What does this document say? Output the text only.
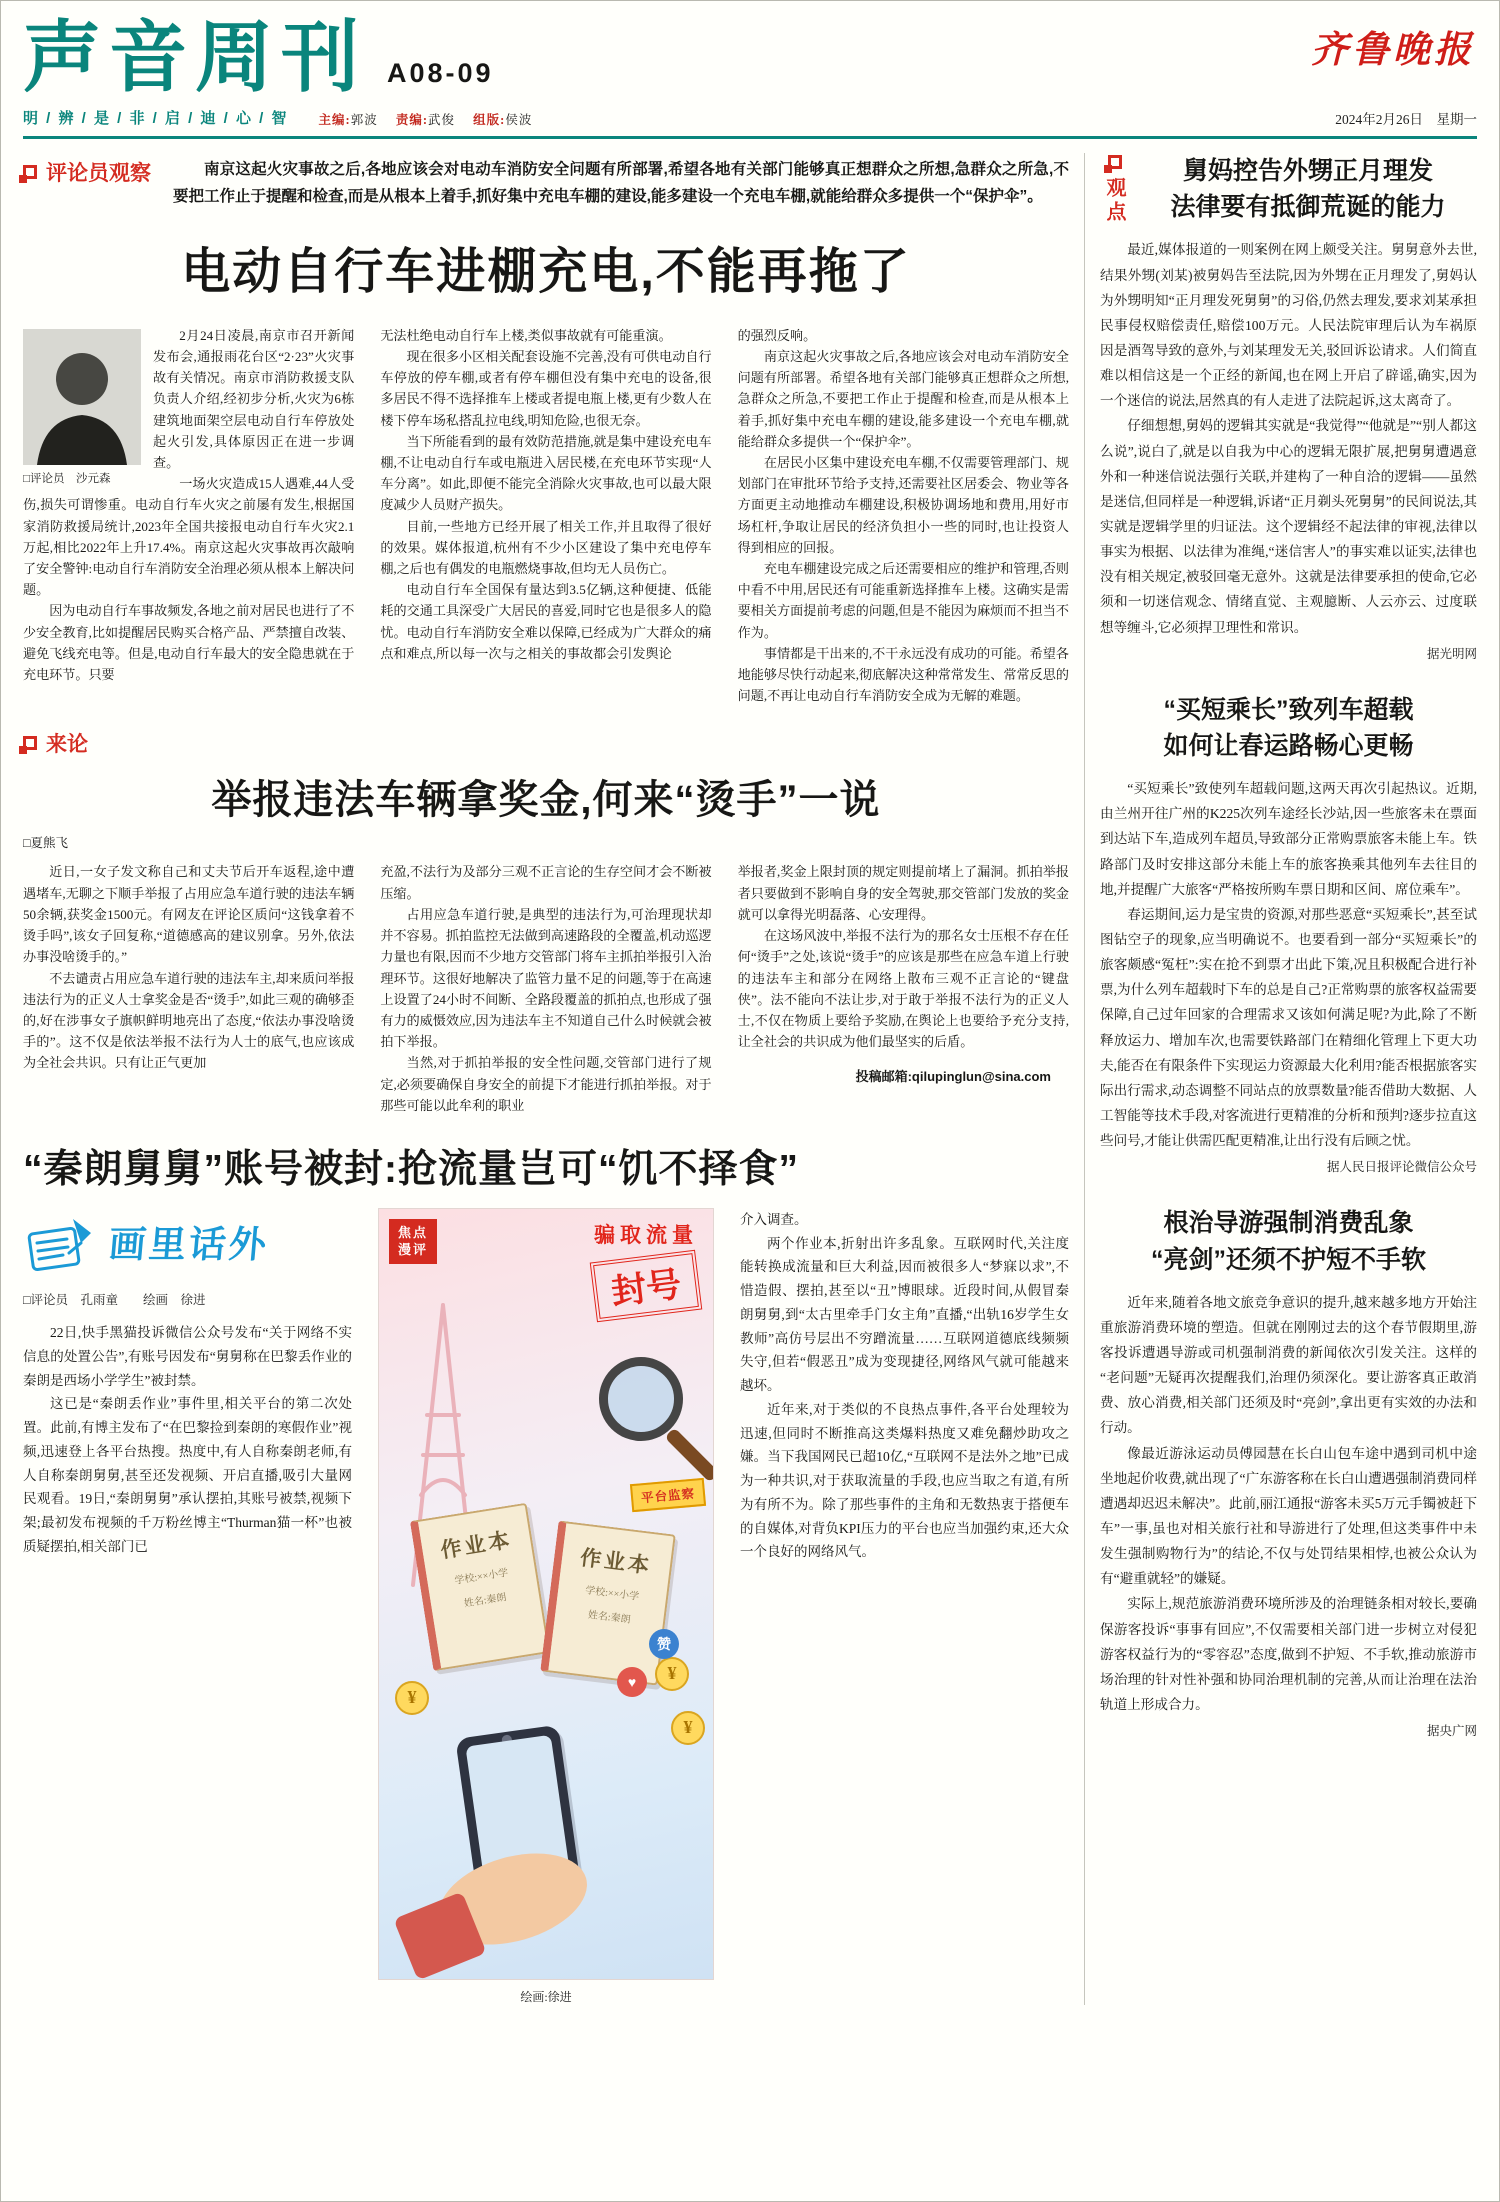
声音周刊 A08-09
齐鲁晚报
明 / 辨 / 是 / 非 / 启 / 迪 / 心 / 智 主编:郭波 责编:武俊 组版:侯波	2024年2月26日　星期一
评论员观察	南京这起火灾事故之后,各地应该会对电动车消防安全问题有所部署,希望各地有关部门能够真正想群众之所想,急群众之所急,不要把工作止于提醒和检查,而是从根本上着手,抓好集中充电车棚的建设,能多建设一个充电车棚,就能给群众多提供一个“保护伞”。

电动自行车进棚充电,不能再拖了
□评论员　沙元森

2月24日凌晨,南京市召开新闻发布会,通报雨花台区“2·23”火灾事故有关情况。南京市消防救援支队负责人介绍,经初步分析,火灾为6栋建筑地面架空层电动自行车停放处起火引发,具体原因正在进一步调查。

一场火灾造成15人遇难,44人受伤,损失可谓惨重。电动自行车火灾之前屡有发生,根据国家消防救援局统计,2023年全国共接报电动自行车火灾2.1万起,相比2022年上升17.4%。南京这起火灾事故再次敲响了安全警钟:电动自行车消防安全治理必须从根本上解决问题。

因为电动自行车事故频发,各地之前对居民也进行了不少安全教育,比如提醒居民购买合格产品、严禁擅自改装、避免飞线充电等。但是,电动自行车最大的安全隐患就在于充电环节。只要

无法杜绝电动自行车上楼,类似事故就有可能重演。

现在很多小区相关配套设施不完善,没有可供电动自行车停放的停车棚,或者有停车棚但没有集中充电的设备,很多居民不得不选择推车上楼或者提电瓶上楼,更有少数人在楼下停车场私搭乱拉电线,明知危险,也很无奈。

当下所能看到的最有效防范措施,就是集中建设充电车棚,不让电动自行车或电瓶进入居民楼,在充电环节实现“人车分离”。如此,即便不能完全消除火灾事故,也可以最大限度减少人员财产损失。

目前,一些地方已经开展了相关工作,并且取得了很好的效果。媒体报道,杭州有不少小区建设了集中充电停车棚,之后也有偶发的电瓶燃烧事故,但均无人员伤亡。

电动自行车全国保有量达到3.5亿辆,这种便捷、低能耗的交通工具深受广大居民的喜爱,同时它也是很多人的隐忧。电动自行车消防安全难以保障,已经成为广大群众的痛点和难点,所以每一次与之相关的事故都会引发舆论

的强烈反响。

南京这起火灾事故之后,各地应该会对电动车消防安全问题有所部署。希望各地有关部门能够真正想群众之所想,急群众之所急,不要把工作止于提醒和检查,而是从根本上着手,抓好集中充电车棚的建设,能多建设一个充电车棚,就能给群众多提供一个“保护伞”。

在居民小区集中建设充电车棚,不仅需要管理部门、规划部门在审批环节给予支持,还需要社区居委会、物业等各方面更主动地推动车棚建设,积极协调场地和费用,用好市场杠杆,争取让居民的经济负担小一些的同时,也让投资人得到相应的回报。

充电车棚建设完成之后还需要相应的维护和管理,否则中看不中用,居民还有可能重新选择推车上楼。这确实是需要相关方面提前考虑的问题,但是不能因为麻烦而不担当不作为。

事情都是干出来的,不干永远没有成功的可能。希望各地能够尽快行动起来,彻底解决这种常常发生、常常反思的问题,不再让电动自行车消防安全成为无解的难题。

来论
举报违法车辆拿奖金,何来“烫手”一说
□夏熊飞

近日,一女子发文称自己和丈夫节后开车返程,途中遭遇堵车,无聊之下顺手举报了占用应急车道行驶的违法车辆50余辆,获奖金1500元。有网友在评论区质问“这钱拿着不烫手吗”,该女子回复称,“道德感高的建议别拿。另外,依法办事没啥烫手的。”

不去谴责占用应急车道行驶的违法车主,却来质问举报违法行为的正义人士拿奖金是否“烫手”,如此三观的确够歪的,好在涉事女子旗帜鲜明地亮出了态度,“依法办事没啥烫手的”。这不仅是依法举报不法行为人士的底气,也应该成为全社会共识。只有让正气更加

充盈,不法行为及部分三观不正言论的生存空间才会不断被压缩。

占用应急车道行驶,是典型的违法行为,可治理现状却并不容易。抓拍监控无法做到高速路段的全覆盖,机动巡逻力量也有限,因而不少地方交管部门将车主抓拍举报引入治理环节。这很好地解决了监管力量不足的问题,等于在高速上设置了24小时不间断、全路段覆盖的抓拍点,也形成了强有力的威慑效应,因为违法车主不知道自己什么时候就会被拍下举报。

当然,对于抓拍举报的安全性问题,交管部门进行了规定,必须要确保自身安全的前提下才能进行抓拍举报。对于那些可能以此牟利的职业

举报者,奖金上限封顶的规定则提前堵上了漏洞。抓拍举报者只要做到不影响自身的安全驾驶,那交管部门发放的奖金就可以拿得光明磊落、心安理得。

在这场风波中,举报不法行为的那名女士压根不存在任何“烫手”之处,该说“烫手”的应该是那些在应急车道上行驶的违法车主和部分在网络上散布三观不正言论的“键盘侠”。法不能向不法让步,对于敢于举报不法行为的正义人士,不仅在物质上要给予奖励,在舆论上也要给予充分支持,让全社会的共识成为他们最坚实的后盾。

投稿邮箱:qilupinglun@sina.com
“秦朗舅舅”账号被封:抢流量岂可“饥不择食”
画里话外
□评论员　孔雨童　　绘画　徐进

22日,快手黑猫投诉微信公众号发布“关于网络不实信息的处置公告”,有账号因发布“舅舅称在巴黎丢作业的秦朗是西场小学学生”被封禁。

这已是“秦朗丢作业”事件里,相关平台的第二次处置。此前,有博主发布了“在巴黎捡到秦朗的寒假作业”视频,迅速登上各平台热搜。热度中,有人自称秦朗老师,有人自称秦朗舅舅,甚至还发视频、开启直播,吸引大量网民观看。19日,“秦朗舅舅”承认摆拍,其账号被禁,视频下架;最初发布视频的千万粉丝博主“Thurman猫一杯”也被质疑摆拍,相关部门已

焦点漫评
骗取流量
封号
作业本
学校:××小学
姓名:秦朗
作业本
学校:××小学
姓名:秦朗
平台监察
¥
¥
¥
赞
♥
绘画:徐进

介入调查。

两个作业本,折射出许多乱象。互联网时代,关注度能转换成流量和巨大利益,因而被很多人“梦寐以求”,不惜造假、摆拍,甚至以“丑”博眼球。近段时间,从假冒秦朗舅舅,到“太古里牵手门女主角”直播,“出轨16岁学生女教师”高仿号层出不穷蹭流量……互联网道德底线频频失守,但若“假恶丑”成为变现捷径,网络风气就可能越来越坏。

近年来,对于类似的不良热点事件,各平台处理较为迅速,但同时不断推高这类爆料热度又难免翻炒助攻之嫌。当下我国网民已超10亿,“互联网不是法外之地”已成为一种共识,对于获取流量的手段,也应当取之有道,有所为有所不为。除了那些事件的主角和无数热衷于搭便车的自媒体,对背负KPI压力的平台也应当加强约束,还大众一个良好的网络风气。

观点
舅妈控告外甥正月理发
法律要有抵御荒诞的能力

最近,媒体报道的一则案例在网上颇受关注。舅舅意外去世,结果外甥(刘某)被舅妈告至法院,因为外甥在正月理发了,舅妈认为外甥明知“正月理发死舅舅”的习俗,仍然去理发,要求刘某承担民事侵权赔偿责任,赔偿100万元。人民法院审理后认为车祸原因是酒驾导致的意外,与刘某理发无关,驳回诉讼请求。人们简直难以相信这是一个正经的新闻,也在网上开启了辟谣,确实,因为一个迷信的说法,居然真的有人走进了法院起诉,这太离奇了。

仔细想想,舅妈的逻辑其实就是“我觉得”“他就是”“别人都这么说”,说白了,就是以自我为中心的逻辑无限扩展,把舅舅遭遇意外和一种迷信说法强行关联,并建构了一种自洽的逻辑——虽然是迷信,但同样是一种逻辑,诉诸“正月剃头死舅舅”的民间说法,其实就是逻辑学里的归证法。这个逻辑经不起法律的审视,法律以事实为根据、以法律为准绳,“迷信害人”的事实难以证实,法律也没有相关规定,被驳回毫无意外。这就是法律要承担的使命,它必须和一切迷信观念、情绪直觉、主观臆断、人云亦云、过度联想等缠斗,它必须捍卫理性和常识。

据光明网
“买短乘长”致列车超载
如何让春运路畅心更畅

“买短乘长”致使列车超载问题,这两天再次引起热议。近期,由兰州开往广州的K225次列车途经长沙站,因一些旅客未在票面到达站下车,造成列车超员,导致部分正常购票旅客未能上车。铁路部门及时安排这部分未能上车的旅客换乘其他列车去往目的地,并提醒广大旅客“严格按所购车票日期和区间、席位乘车”。

春运期间,运力是宝贵的资源,对那些恶意“买短乘长”,甚至试图钻空子的现象,应当明确说不。也要看到一部分“买短乘长”的旅客颇感“冤枉”:实在抢不到票才出此下策,况且积极配合进行补票,为什么列车超载时下车的总是自己?正常购票的旅客权益需要保障,自己过年回家的合理需求又该如何满足呢?为此,除了不断释放运力、增加车次,也需要铁路部门在精细化管理上下更大功夫,能否在有限条件下实现运力资源最大化利用?能否根据旅客实际出行需求,动态调整不同站点的放票数量?能否借助大数据、人工智能等技术手段,对客流进行更精准的分析和预判?逐步拉直这些问号,才能让供需匹配更精准,让出行没有后顾之忧。

据人民日报评论微信公众号
根治导游强制消费乱象
“亮剑”还须不护短不手软

近年来,随着各地文旅竞争意识的提升,越来越多地方开始注重旅游消费环境的塑造。但就在刚刚过去的这个春节假期里,游客投诉遭遇导游或司机强制消费的新闻依次引发关注。这样的“老问题”无疑再次提醒我们,治理仍须深化。要让游客真正敢消费、放心消费,相关部门还须及时“亮剑”,拿出更有实效的办法和行动。

像最近游泳运动员傅园慧在长白山包车途中遇到司机中途坐地起价收费,就出现了“广东游客称在长白山遭遇强制消费同样遭遇却迟迟未解决”。此前,丽江通报“游客未买5万元手镯被赶下车”一事,虽也对相关旅行社和导游进行了处理,但这类事件中未发生强制购物行为”的结论,不仅与处罚结果相悖,也被公众认为有“避重就轻”的嫌疑。

实际上,规范旅游消费环境所涉及的治理链条相对较长,要确保游客投诉“事事有回应”,不仅需要相关部门进一步树立对侵犯游客权益行为的“零容忍”态度,做到不护短、不手软,推动旅游市场治理的针对性补强和协同治理机制的完善,从而让治理在法治轨道上形成合力。

据央广网
